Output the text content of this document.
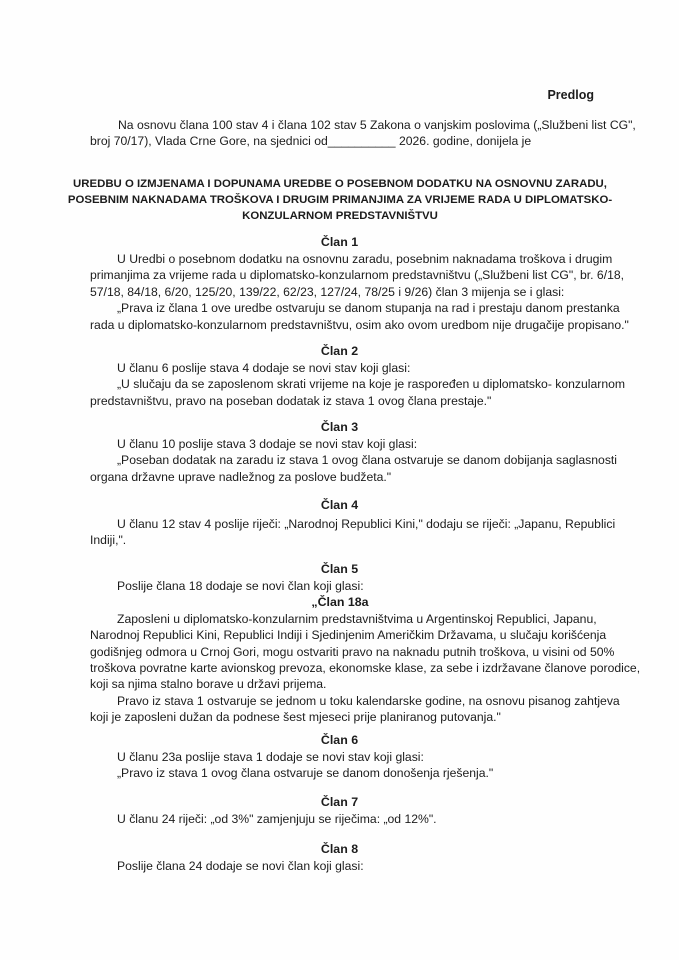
Predlog
Na osnovu člana 100 stav 4 i člana 102 stav 5 Zakona o vanjskim poslovima („Službeni list CG",
broj 70/17), Vlada Crne Gore, na sjednici od__________ 2026. godine, donijela je
UREDBU O IZMJENAMA I DOPUNAMA UREDBE O POSEBNOM DODATKU NA OSNOVNU ZARADU,
POSEBNIM NAKNADAMA TROŠKOVA I DRUGIM PRIMANJIMA ZA VRIJEME RADA U DIPLOMATSKO-
KONZULARNOM PREDSTAVNIŠTVU
Član 1
U Uredbi o posebnom dodatku na osnovnu zaradu, posebnim naknadama troškova i drugim
primanjima za vrijeme rada u diplomatsko-konzularnom predstavništvu („Službeni list CG", br. 6/18,
57/18, 84/18, 6/20, 125/20, 139/22, 62/23, 127/24, 78/25 i 9/26) član 3 mijenja se i glasi:
„Prava iz člana 1 ove uredbe ostvaruju se danom stupanja na rad i prestaju danom prestanka
rada u diplomatsko-konzularnom predstavništvu, osim ako ovom uredbom nije drugačije propisano."
Član 2
U članu 6 poslije stava 4 dodaje se novi stav koji glasi:
„U slučaju da se zaposlenom skrati vrijeme na koje je raspoređen u diplomatsko- konzularnom
predstavništvu, pravo na poseban dodatak iz stava 1 ovog člana prestaje."
Član 3
U članu 10 poslije stava 3 dodaje se novi stav koji glasi:
„Poseban dodatak na zaradu iz stava 1 ovog člana ostvaruje se danom dobijanja saglasnosti
organa državne uprave nadležnog za poslove budžeta."
Član 4
U članu 12 stav 4 poslije riječi: „Narodnoj Republici Kini," dodaju se riječi: „Japanu, Republici
Indiji,".
Član 5
Poslije člana 18 dodaje se novi član koji glasi:
„Član 18a
Zaposleni u diplomatsko-konzularnim predstavništvima u Argentinskoj Republici, Japanu,
Narodnoj Republici Kini, Republici Indiji i Sjedinjenim Američkim Državama, u slučaju korišćenja
godišnjeg odmora u Crnoj Gori, mogu ostvariti pravo na naknadu putnih troškova, u visini od 50%
troškova povratne karte avionskog prevoza, ekonomske klase, za sebe i izdržavane članove porodice,
koji sa njima stalno borave u državi prijema.
Pravo iz stava 1 ostvaruje se jednom u toku kalendarske godine, na osnovu pisanog zahtjeva
koji je zaposleni dužan da podnese šest mjeseci prije planiranog putovanja."
Član 6
U članu 23a poslije stava 1 dodaje se novi stav koji glasi:
„Pravo iz stava 1 ovog člana ostvaruje se danom donošenja rješenja."
Član 7
U članu 24 riječi: „od 3%" zamjenjuju se riječima: „od 12%".
Član 8
Poslije člana 24 dodaje se novi član koji glasi:
